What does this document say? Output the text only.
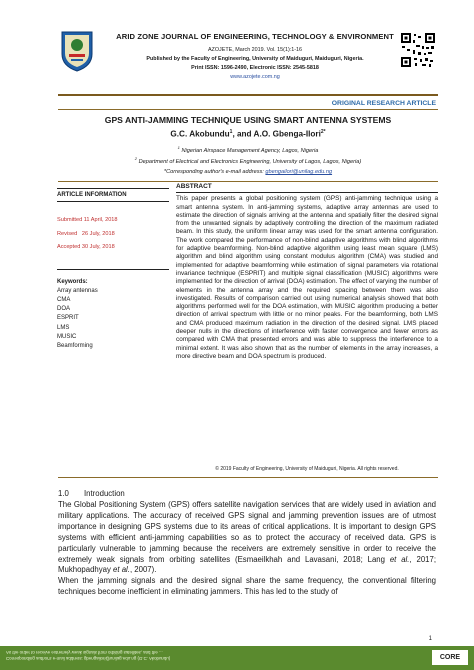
ARID ZONE JOURNAL OF ENGINEERING, TECHNOLOGY & ENVIRONMENT
AZOJETE, March 2019. Vol. 15(1):1-16
Published by the Faculty of Engineering, University of Maiduguri, Maiduguri, Nigeria.
Print ISSN: 1596-2490, Electronic ISSN: 2545-5818
www.azojete.com.ng
ORIGINAL RESEARCH ARTICLE
GPS ANTI-JAMMING TECHNIQUE USING SMART ANTENNA SYSTEMS
G.C. Akobundu$^1$, and A.O. Gbenga-Ilori$^{2*}$
$^1$ Nigerian Airspace Management Agency, Lagos, Nigeria
$^2$ Department of Electrical and Electronics Engineering, University of Lagos, Lagos, Nigeria)
*Corresponding author's e-mail address: gbengailori@unilag.edu.ng
ARTICLE INFORMATION
Submitted 11 April, 2018
Revised   26 July, 2018
Accepted 30 July, 2018
Keywords:
Array antennas
CMA
DOA
ESPRIT
LMS
MUSIC
Beamforming
ABSTRACT
This paper presents a global positioning system (GPS) anti-jamming technique using a smart antenna system. In anti-jamming systems, adaptive array antennas are used to estimate the direction of signals arriving at the antenna and spatially filter the desired signal from the unwanted signals by adaptively controlling the direction of the maximum radiated beam. In this study, the uniform linear array was used for the smart antenna configuration. The work compared the performance of non-blind adaptive algorithms with blind algorithms for adaptive beamforming. Non-blind adaptive algorithm using least mean square (LMS) algorithm and blind algorithm using constant modulus algorithm (CMA) was studied and implemented for adaptive beamforming while estimation of signal parameters via rotational invariance technique (ESPRIT) and multiple signal classification (MUSIC) algorithms were implemented for the direction of arrival (DOA) estimation. The effect of varying the number of elements in the antenna array and the required spacing between them was also investigated. Results of comparison carried out using numerical analysis showed that both algorithms performed well for the DOA estimation, with MUSIC algorithm producing a better direction of arrival spectrum with little or no minor peaks. For the beamforming, both LMS and CMA produced maximum radiation in the direction of the desired signal. LMS placed deeper nulls in the directions of interference with faster convergence and fewer errors as compared with CMA that presented errors and was able to suppress the interference to a minimal extent. It was also shown that as the number of elements in the array increases, a more directive beam and DOA spectrum is produced.
© 2019 Faculty of Engineering, University of Maiduguri, Nigeria. All rights reserved.
1.0 Introduction
The Global Positioning System (GPS) offers satellite navigation services that are widely used in aviation and military applications. The accuracy of received GPS signal and jamming prevention issues are of utmost importance in designing GPS systems due to its areas of critical applications. It is important to design GPS systems with efficient anti-jamming capabilities so as to protect the accuracy of received data. GPS is particularly vulnerable to jamming because the receivers are extremely sensitive in order to receive the extremely weak signals from orbiting satellites (Esmaeilkhah and Lavasani, 2018; Lang et al., 2017; Mukhopadhyay et al., 2007).
When the jamming signals and the desired signal share the same frequency, the conventional filtering techniques become inefficient in eliminating jammers. This has led to the study of
1
Corresponding author's e-mail address: gbengailori@unilag.edu.ng (G.C. Akobundu)
As the order to receive extremely weak signals from orbiting satellites, and the ...
CORE
